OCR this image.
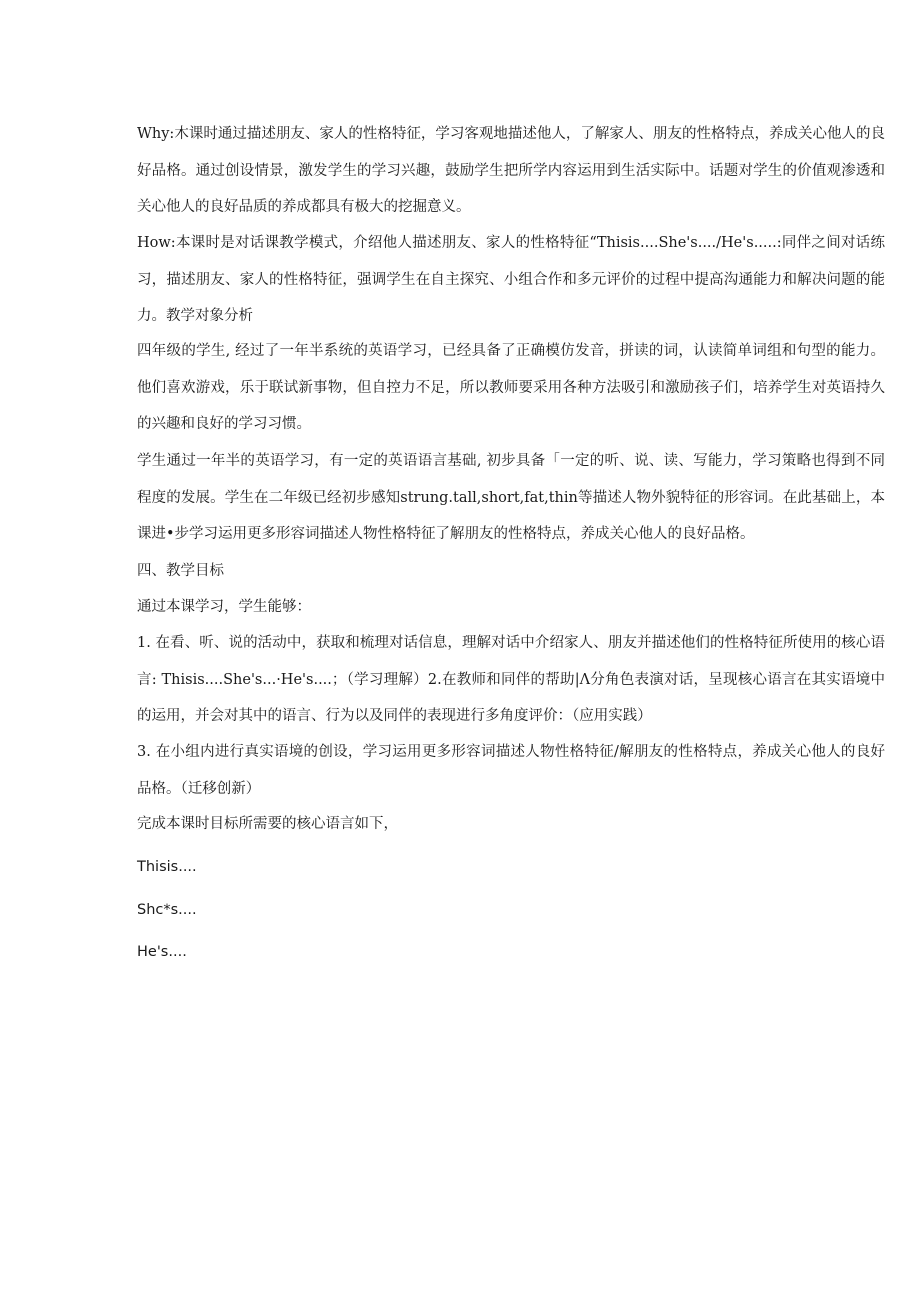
Why:木课时通过描述朋友、家人的性格特征，学习客观地描述他人，了解家人、朋友的性格特点，养成关心他人的良好品格。通过创设情景，激发学生的学习兴趣，鼓励学生把所学内容运用到生活实际中。话题对学生的价值观渗透和关心他人的良好品质的养成都具有极大的挖掘意义。

How:本课时是对话课教学模式，介绍他人描述朋友、家人的性格特征“Thisis....She's..../He's.....:同伴之间对话练习，描述朋友、家人的性格特征，强调学生在自主探究、小组合作和多元评价的过程中提高沟通能力和解决问题的能力。教学对象分析

四年级的学生, 经过了一年半系统的英语学习，已经具备了正确模仿发音，拼读的词，认读简单词组和句型的能力。他们喜欢游戏，乐于联试新事物，但自控力不足，所以教师要采用各种方法吸引和激励孩子们，培养学生对英语持久的兴趣和良好的学习习惯。

学生通过一年半的英语学习，有一定的英语语言基础, 初步具备「一定的听、说、读、写能力，学习策略也得到不同程度的发展。学生在二年级已经初步感知strung.tall,short,fat,thin等描述人物外貌特征的形容词。在此基础上，本课进•步学习运用更多形容词描述人物性格特征了解朋友的性格特点，养成关心他人的良好品格。

四、教学目标

通过本课学习，学生能够：

1. 在看、听、说的活动中，获取和梳理对话信息，理解对话中介绍家人、朋友并描述他们的性格特征所使用的核心语言: Thisis....She's...·He's....；（学习理解）2.在教师和同伴的帮助|Λ分角色表演对话，呈现核心语言在其实语境中的运用，并会对其中的语言、行为以及同伴的表现进行多角度评价：（应用实践）

3. 在小组内进行真实语境的创设，学习运用更多形容词描述人物性格特征/解朋友的性格特点，养成关心他人的良好品格。（迁移创新）

完成本课时目标所需要的核心语言如下，

Thisis....

Shc*s....

He's....
